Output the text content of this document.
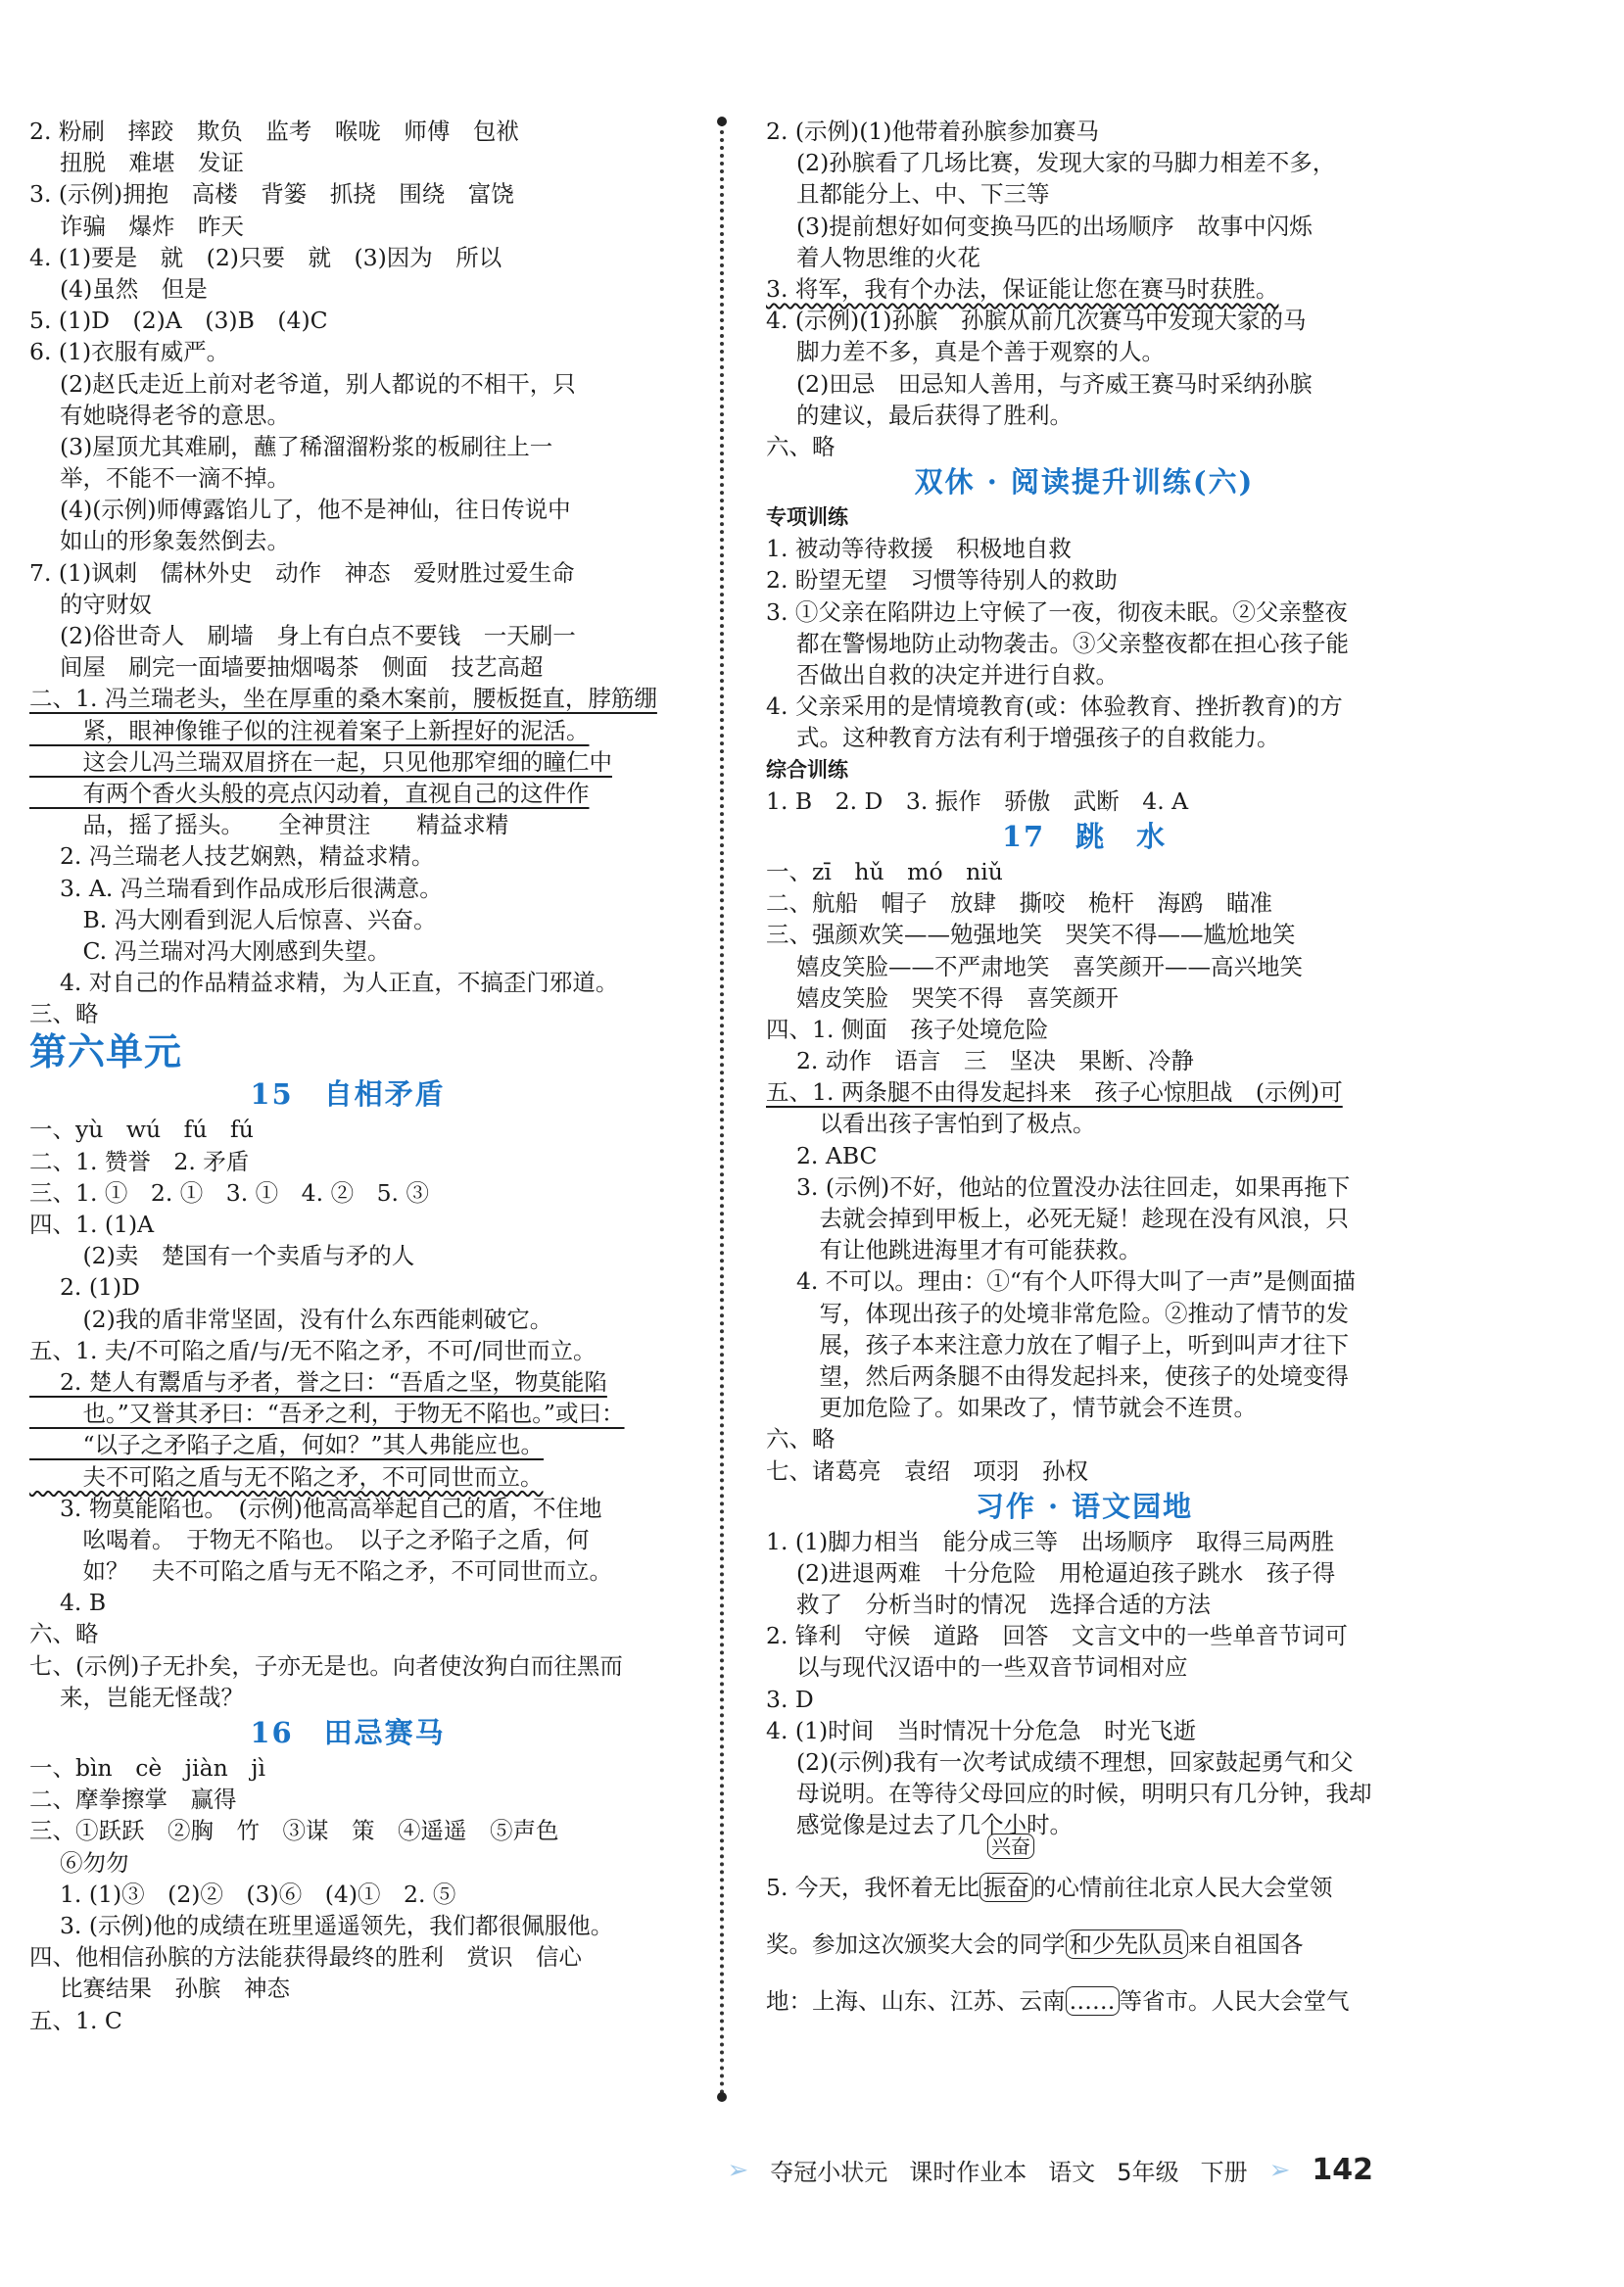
2. 粉刷　摔跤　欺负　监考　喉咙　师傅　包袱
　 扭脱　难堪　发证
3. (示例)拥抱　高楼　背篓　抓挠　围绕　富饶
　 诈骗　爆炸　昨天
4. (1)要是　就　(2)只要　就　(3)因为　所以
　 (4)虽然　但是
5. (1)D　(2)A　(3)B　(4)C
6. (1)衣服有威严。
　 (2)赵氏走近上前对老爷道，别人都说的不相干，只
　 有她晓得老爷的意思。
　 (3)屋顶尤其难刷，蘸了稀溜溜粉浆的板刷往上一
　 举，不能不一滴不掉。
　 (4)(示例)师傅露馅儿了，他不是神仙，往日传说中
　 如山的形象轰然倒去。
7. (1)讽刺　儒林外史　动作　神态　爱财胜过爱生命
　 的守财奴
　 (2)俗世奇人　刷墙　身上有白点不要钱　一天刷一
　 间屋　刷完一面墙要抽烟喝茶　侧面　技艺高超
二、1. 冯兰瑞老头，坐在厚重的桑木案前，腰板挺直，脖筋绷
　　 紧，眼神像锥子似的注视着案子上新捏好的泥活。
　　 这会儿冯兰瑞双眉挤在一起，只见他那窄细的瞳仁中
　　 有两个香火头般的亮点闪动着，直视自己的这件作
　　 品，摇了摇头。　　全神贯注　　精益求精
　 2. 冯兰瑞老人技艺娴熟，精益求精。
　 3. A. 冯兰瑞看到作品成形后很满意。
　　 B. 冯大刚看到泥人后惊喜、兴奋。
　　 C. 冯兰瑞对冯大刚感到失望。
　 4. 对自己的作品精益求精，为人正直，不搞歪门邪道。
三、略
第六单元
15　自相矛盾
一、yù　wú　fú　fú
二、1. 赞誉　2. 矛盾
三、1. ①　2. ①　3. ①　4. ②　5. ③
四、1. (1)A
　　 (2)卖　楚国有一个卖盾与矛的人
　 2. (1)D
　　 (2)我的盾非常坚固，没有什么东西能刺破它。
五、1. 夫/不可陷之盾/与/无不陷之矛，不可/同世而立。
　 2. 楚人有鬻盾与矛者，誉之曰：“吾盾之坚，物莫能陷
　　 也。”又誉其矛曰：“吾矛之利，于物无不陷也。”或曰：
　　 “以子之矛陷子之盾，何如？”其人弗能应也。
　　 夫不可陷之盾与无不陷之矛，不可同世而立。
　 3. 物莫能陷也。　(示例)他高高举起自己的盾，不住地
　　 吆喝着。　于物无不陷也。　以子之矛陷子之盾，何
　　 如？　夫不可陷之盾与无不陷之矛，不可同世而立。
　 4. B
六、略
七、(示例)子无扑矣，子亦无是也。向者使汝狗白而往黑而
　 来，岂能无怪哉？
16　田忌赛马
一、bìn　cè　jiàn　jì
二、摩拳擦掌　赢得
三、①跃跃　②胸　竹　③谋　策　④遥遥　⑤声色
　 ⑥勿勿
　 1. (1)③　(2)②　(3)⑥　(4)①　2. ⑤
　 3. (示例)他的成绩在班里遥遥领先，我们都很佩服他。
四、他相信孙膑的方法能获得最终的胜利　赏识　信心
　 比赛结果　孙膑　神态
五、1. C
2. (示例)(1)他带着孙膑参加赛马
　 (2)孙膑看了几场比赛，发现大家的马脚力相差不多，
　 且都能分上、中、下三等
　 (3)提前想好如何变换马匹的出场顺序　故事中闪烁
　 着人物思维的火花
3. 将军，我有个办法，保证能让您在赛马时获胜。
4. (示例)(1)孙膑　孙膑从前几次赛马中发现大家的马
　 脚力差不多，真是个善于观察的人。
　 (2)田忌　田忌知人善用，与齐威王赛马时采纳孙膑
　 的建议，最后获得了胜利。
六、略
双休 · 阅读提升训练(六)
专项训练
1. 被动等待救援　积极地自救
2. 盼望无望　习惯等待别人的救助
3. ①父亲在陷阱边上守候了一夜，彻夜未眠。②父亲整夜
　 都在警惕地防止动物袭击。③父亲整夜都在担心孩子能
　 否做出自救的决定并进行自救。
4. 父亲采用的是情境教育(或：体验教育、挫折教育)的方
　 式。这种教育方法有利于增强孩子的自救能力。
综合训练
1. B　2. D　3. 振作　骄傲　武断　4. A
17　跳　水
一、zī　hǔ　mó　niǔ
二、航船　帽子　放肆　撕咬　桅杆　海鸥　瞄准
三、强颜欢笑——勉强地笑　哭笑不得——尴尬地笑
　 嬉皮笑脸——不严肃地笑　喜笑颜开——高兴地笑
　 嬉皮笑脸　哭笑不得　喜笑颜开
四、1. 侧面　孩子处境危险
　 2. 动作　语言　三　坚决　果断、冷静
五、1. 两条腿不由得发起抖来　孩子心惊胆战　(示例)可
　　 以看出孩子害怕到了极点。
　 2. ABC
　 3. (示例)不好，他站的位置没办法往回走，如果再拖下
　　 去就会掉到甲板上，必死无疑！趁现在没有风浪，只
　　 有让他跳进海里才有可能获救。
　 4. 不可以。理由：①“有个人吓得大叫了一声”是侧面描
　　 写，体现出孩子的处境非常危险。②推动了情节的发
　　 展，孩子本来注意力放在了帽子上，听到叫声才往下
　　 望，然后两条腿不由得发起抖来，使孩子的处境变得
　　 更加危险了。如果改了，情节就会不连贯。
六、略
七、诸葛亮　袁绍　项羽　孙权
习作 · 语文园地
1. (1)脚力相当　能分成三等　出场顺序　取得三局两胜
　 (2)进退两难　十分危险　用枪逼迫孩子跳水　孩子得
　 救了　分析当时的情况　选择合适的方法
2. 锋利　守候　道路　回答　文言文中的一些单音节词可
　 以与现代汉语中的一些双音节词相对应
3. D
4. (1)时间　当时情况十分危急　时光飞逝
　 (2)(示例)我有一次考试成绩不理想，回家鼓起勇气和父
　 母说明。在等待父母回应的时候，明明只有几分钟，我却
　 感觉像是过去了几个小时。
5. 今天，我怀着无比 振奋 的心情前往北京人民大会堂领
兴奋
奖。参加这次颁奖大会的同学 和少先队员 来自祖国各
地：上海、山东、江苏、云南 …… 等省市。人民大会堂气
➢ 夺冠小状元 课时作业本 语文 5年级 下册 ➢ 142
